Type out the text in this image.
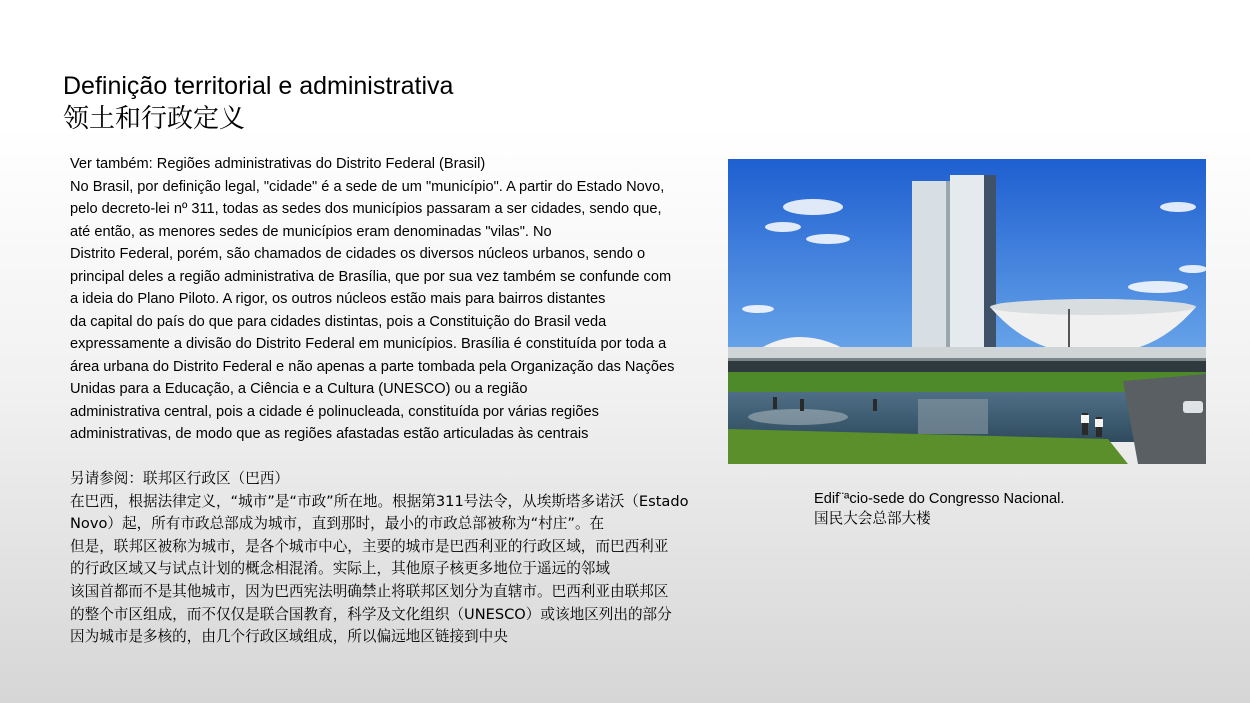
Definição territorial e administrativa
领土和行政定义
Ver também: Regiões administrativas do Distrito Federal (Brasil)
No Brasil, por definição legal, "cidade" é a sede de um "município". A partir do Estado Novo,
pelo decreto-lei nº 311, todas as sedes dos municípios passaram a ser cidades, sendo que,
até então, as menores sedes de municípios eram denominadas "vilas". No
Distrito Federal, porém, são chamados de cidades os diversos núcleos urbanos, sendo o
principal deles a região administrativa de Brasília, que por sua vez também se confunde com
a ideia do Plano Piloto. A rigor, os outros núcleos estão mais para bairros distantes
da capital do país do que para cidades distintas, pois a Constituição do Brasil veda
expressamente a divisão do Distrito Federal em municípios. Brasília é constituída por toda a
área urbana do Distrito Federal e não apenas a parte tombada pela Organização das Nações
Unidas para a Educação, a Ciência e a Cultura (UNESCO) ou a região
administrativa central, pois a cidade é polinucleada, constituída por várias regiões
administrativas, de modo que as regiões afastadas estão articuladas às centrais
另请参阅：联邦区行政区（巴西）
在巴西，根据法律定义，“城市”是“市政”所在地。根据第311号法令，从埃斯塔多诺沃（Estado
Novo）起，所有市政总部成为城市，直到那时，最小的市政总部被称为“村庄”。在
但是，联邦区被称为城市，是各个城市中心，主要的城市是巴西利亚的行政区域，而巴西利亚
的行政区域又与试点计划的概念相混淆。实际上，其他原子核更多地位于遥远的邻域
该国首都而不是其他城市，因为巴西宪法明确禁止将联邦区划分为直辖市。巴西利亚由联邦区
的整个市区组成，而不仅仅是联合国教育，科学及文化组织（UNESCO）或该地区列出的部分
因为城市是多核的，由几个行政区域组成，所以偏远地区链接到中央
Edif¨ªcio-sede do Congresso Nacional.
国民大会总部大楼
